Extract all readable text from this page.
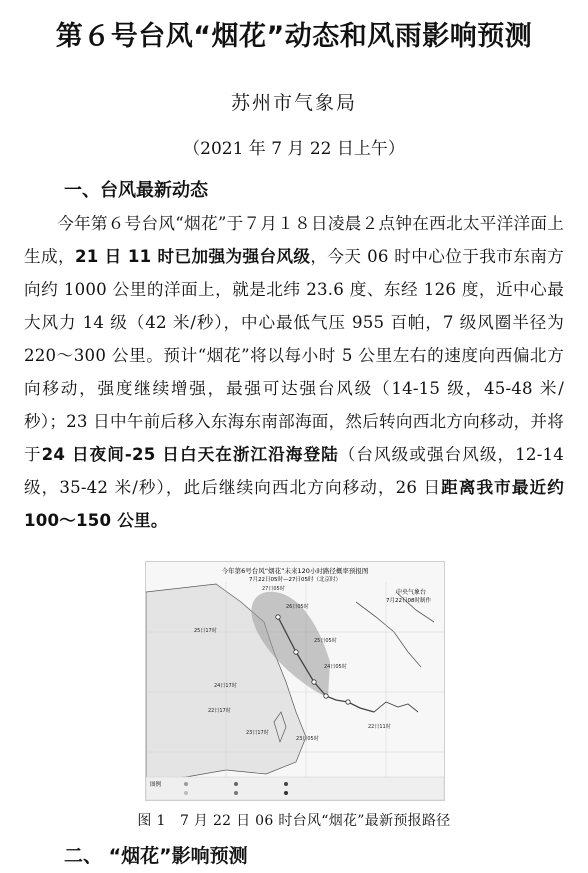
第６号台风“烟花”动态和风雨影响预测
苏州市气象局
（2021 年 7 月 22 日上午）
一、台风最新动态
今年第６号台风“烟花”于７月１８日凌晨２点钟在西北太平洋洋面上生成，21 日 11 时已加强为强台风级，今天 06 时中心位于我市东南方向约 1000 公里的洋面上，就是北纬 23.6 度、东经 126 度，近中心最大风力 14 级（42 米/秒），中心最低气压 955 百帕，7 级风圈半径为 220～300 公里。预计“烟花”将以每小时 5 公里左右的速度向西偏北方向移动，强度继续增强，最强可达强台风级（14-15 级，45-48 米/秒）；23 日中午前后移入东海东南部海面，然后转向西北方向移动，并将于24 日夜间-25 日白天在浙江沿海登陆（台风级或强台风级，12-14 级，35-42 米/秒），此后继续向西北方向移动，26 日距离我市最近约 100～150 公里。
今年第6号台风“烟花”未来120小时路径概率预报图
7月22日05时—27日05时（北京时）
中央气象台
7月22日08时制作
27日05时
26日05时
25日05时
25日17时
24日05时
24日17时
23日17时
23日05时
22日11时
22日17时
图例
图 1　7 月 22 日 06 时台风“烟花”最新预报路径
二、 “烟花”影响预测
